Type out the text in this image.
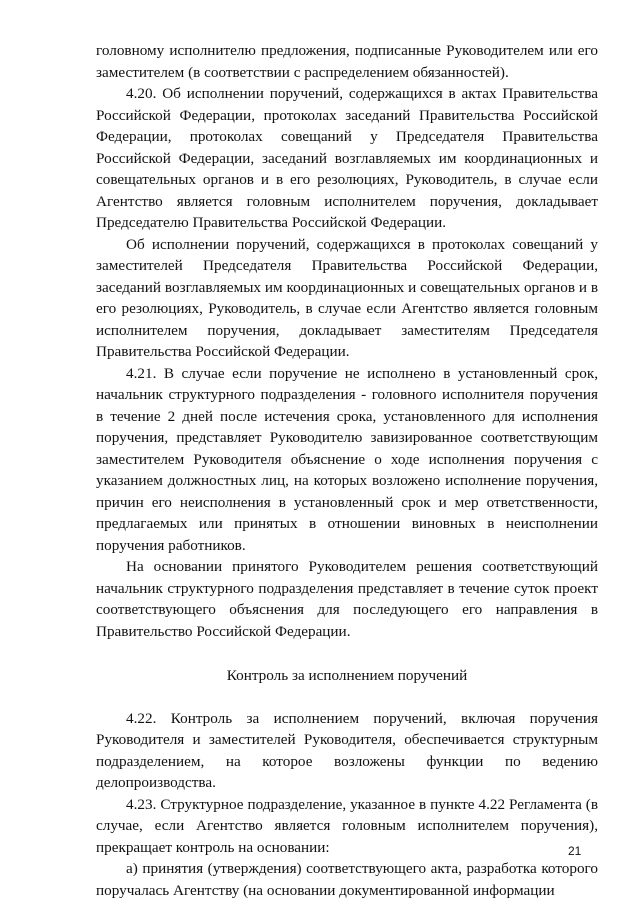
головному исполнителю предложения, подписанные Руководителем или его заместителем (в соответствии с распределением обязанностей).

4.20. Об исполнении поручений, содержащихся в актах Правительства Российской Федерации, протоколах заседаний Правительства Российской Федерации, протоколах совещаний у Председателя Правительства Российской Федерации, заседаний возглавляемых им координационных и совещательных органов и в его резолюциях, Руководитель, в случае если Агентство является головным исполнителем поручения, докладывает Председателю Правительства Российской Федерации.

Об исполнении поручений, содержащихся в протоколах совещаний у заместителей Председателя Правительства Российской Федерации, заседаний возглавляемых им координационных и совещательных органов и в его резолюциях, Руководитель, в случае если Агентство является головным исполнителем поручения, докладывает заместителям Председателя Правительства Российской Федерации.

4.21. В случае если поручение не исполнено в установленный срок, начальник структурного подразделения - головного исполнителя поручения в течение 2 дней после истечения срока, установленного для исполнения поручения, представляет Руководителю завизированное соответствующим заместителем Руководителя объяснение о ходе исполнения поручения с указанием должностных лиц, на которых возложено исполнение поручения, причин его неисполнения в установленный срок и мер ответственности, предлагаемых или принятых в отношении виновных в неисполнении поручения работников.

На основании принятого Руководителем решения соответствующий начальник структурного подразделения представляет в течение суток проект соответствующего объяснения для последующего его направления в Правительство Российской Федерации.

Контроль за исполнением поручений

4.22. Контроль за исполнением поручений, включая поручения Руководителя и заместителей Руководителя, обеспечивается структурным подразделением, на которое возложены функции по ведению делопроизводства.

4.23. Структурное подразделение, указанное в пункте 4.22 Регламента (в случае, если Агентство является головным исполнителем поручения), прекращает контроль на основании:

а) принятия (утверждения) соответствующего акта, разработка которого поручалась Агентству (на основании документированной информации

21
